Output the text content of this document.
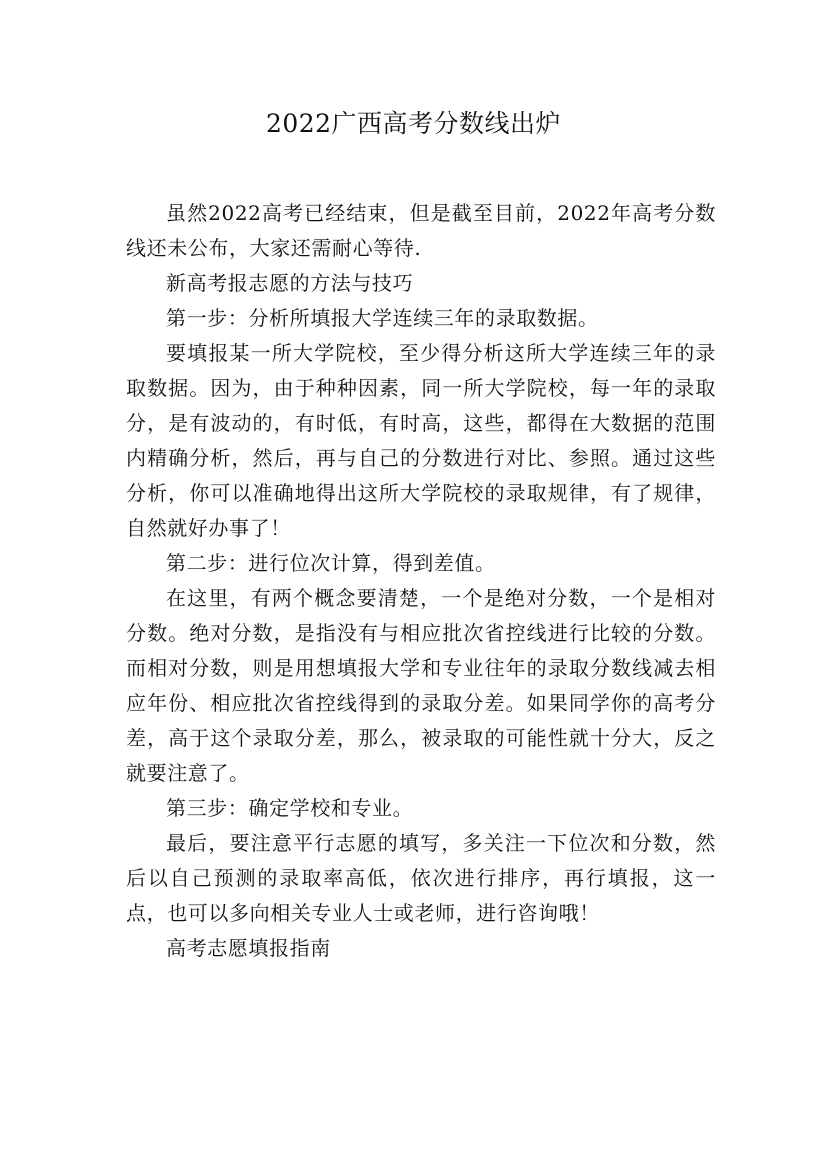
2022广西高考分数线出炉

虽然2022高考已经结束，但是截至目前，2022年高考分数线还未公布，大家还需耐心等待.

新高考报志愿的方法与技巧

第一步：分析所填报大学连续三年的录取数据。

要填报某一所大学院校，至少得分析这所大学连续三年的录取数据。因为，由于种种因素，同一所大学院校，每一年的录取分，是有波动的，有时低，有时高，这些，都得在大数据的范围内精确分析，然后，再与自己的分数进行对比、参照。通过这些分析，你可以准确地得出这所大学院校的录取规律，有了规律，自然就好办事了！

第二步：进行位次计算，得到差值。

在这里，有两个概念要清楚，一个是绝对分数，一个是相对分数。绝对分数，是指没有与相应批次省控线进行比较的分数。而相对分数，则是用想填报大学和专业往年的录取分数线减去相应年份、相应批次省控线得到的录取分差。如果同学你的高考分差，高于这个录取分差，那么，被录取的可能性就十分大，反之就要注意了。

第三步：确定学校和专业。

最后，要注意平行志愿的填写，多关注一下位次和分数，然后以自己预测的录取率高低，依次进行排序，再行填报，这一点，也可以多向相关专业人士或老师，进行咨询哦！

高考志愿填报指南
